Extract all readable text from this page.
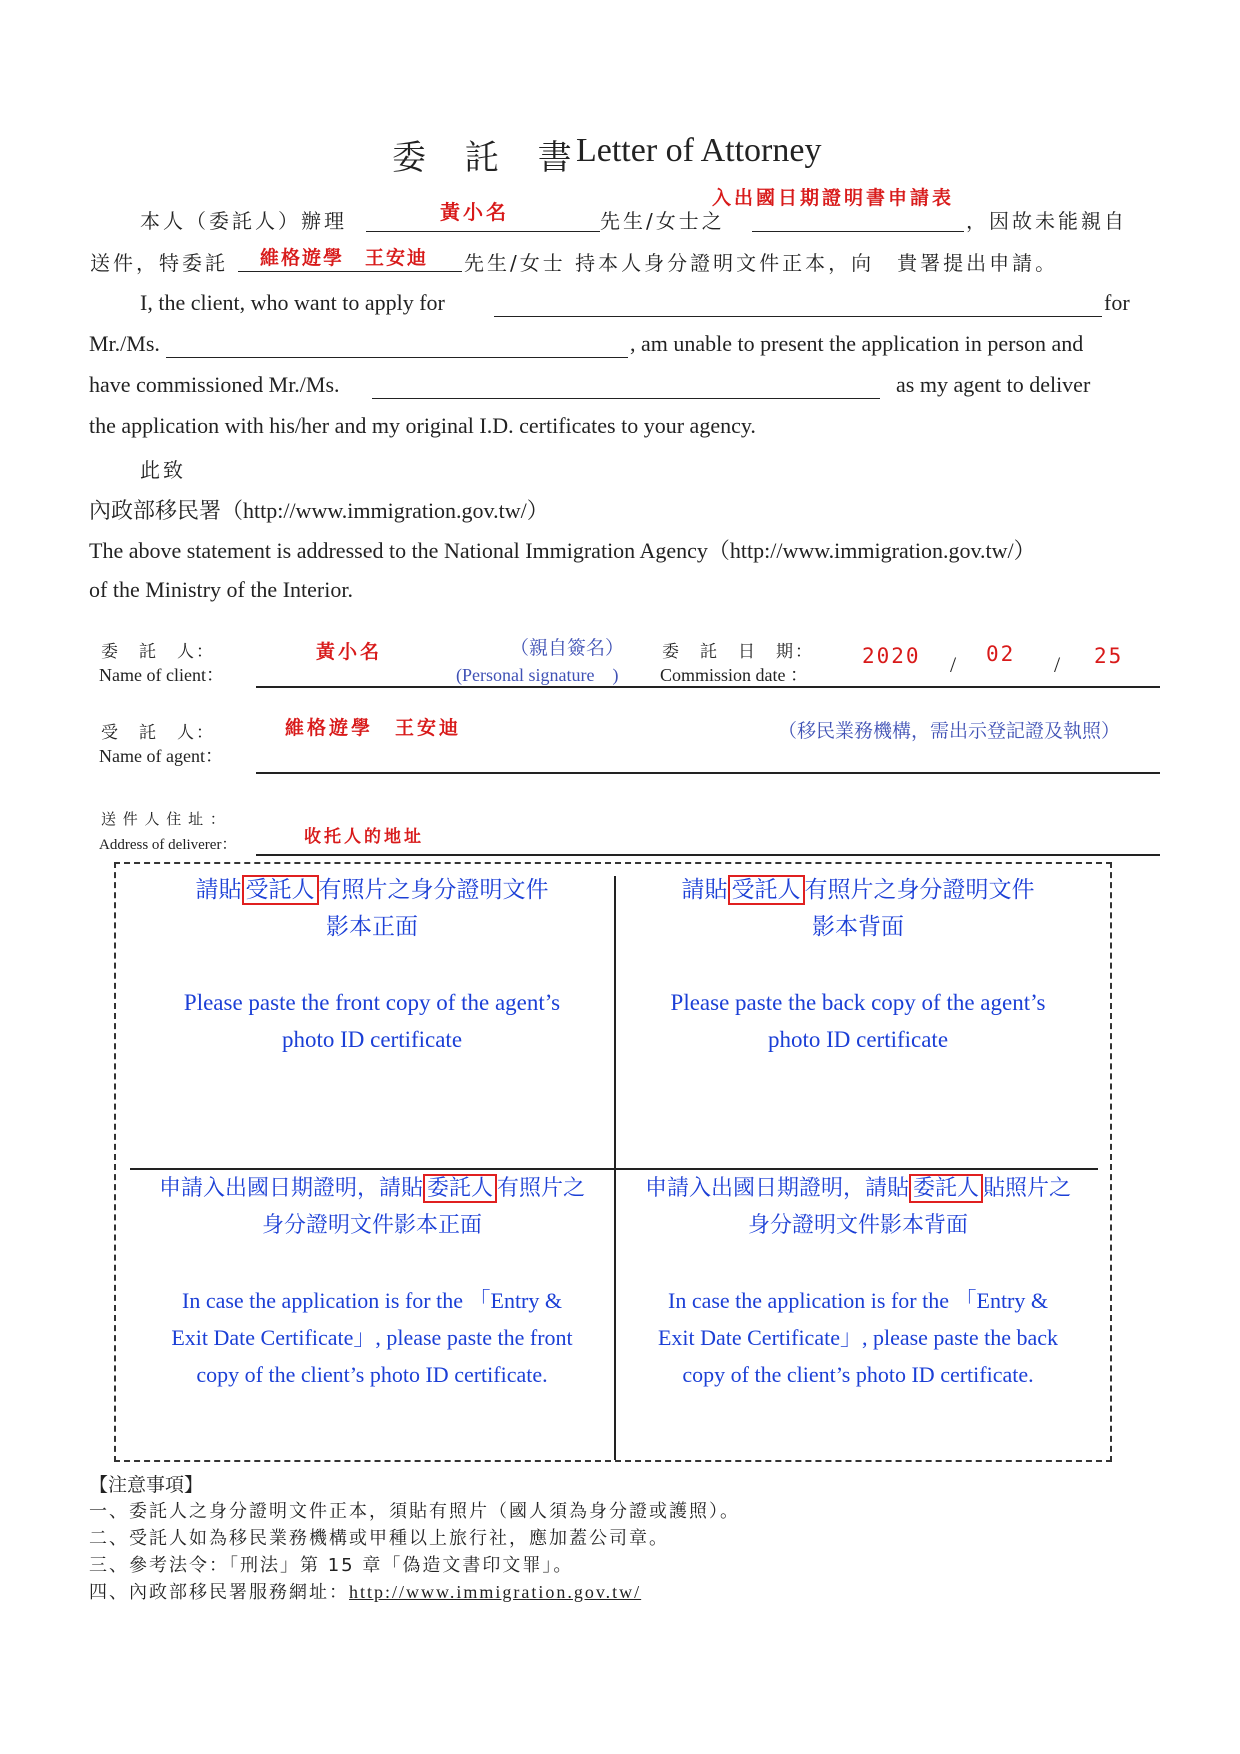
委 託 書
Letter of Attorney
本人（委託人）辦理	黃小名	先生/女士之
入出國日期證明書申請表
，因故未能親自
送件，特委託 維格遊學　王安迪 先生/女士 持本人身分證明文件正本，向　貴署提出申請。
I, the client, who want to apply for	for
Mr./Ms.	, am unable to present the application in person and
have commissioned Mr./Ms.	as my agent to deliver
the application with his/her and my original I.D. certificates to your agency.
此致
內政部移民署（http://www.immigration.gov.tw/）
The above statement is addressed to the National Immigration Agency（http://www.immigration.gov.tw/）
of the Ministry of the Interior.
委　託　人：
Name of client：
黃小名	（親自簽名）
(Personal signature　)
委　託　日　期：
Commission date ：
2020 / 02 / 25
受　託　人：
Name of agent：
維格遊學　王安迪	（移民業務機構，需出示登記證及執照）
送 件 人 住 址 ：
Address of deliverer：	收托人的地址
請貼 受託人 有照片之身分證明文件
影本正面
Please paste the front copy of the agent’s
photo ID certificate
請貼 受託人 有照片之身分證明文件
影本背面
Please paste the back copy of the agent’s
photo ID certificate
申請入出國日期證明，請貼 委託人 有照片之
身分證明文件影本正面
In case the application is for the 「Entry &
Exit Date Certificate」, please paste the front
copy of the client’s photo ID certificate.
申請入出國日期證明，請貼 委託人 貼照片之
身分證明文件影本背面
In case the application is for the 「Entry &
Exit Date Certificate」, please paste the back
copy of the client’s photo ID certificate.
【注意事項】
一、委託人之身分證明文件正本，須貼有照片（國人須為身分證或護照）。
二、受託人如為移民業務機構或甲種以上旅行社，應加蓋公司章。
三、參考法令：「刑法」第 15 章「偽造文書印文罪」。
四、內政部移民署服務網址：http://www.immigration.gov.tw/
